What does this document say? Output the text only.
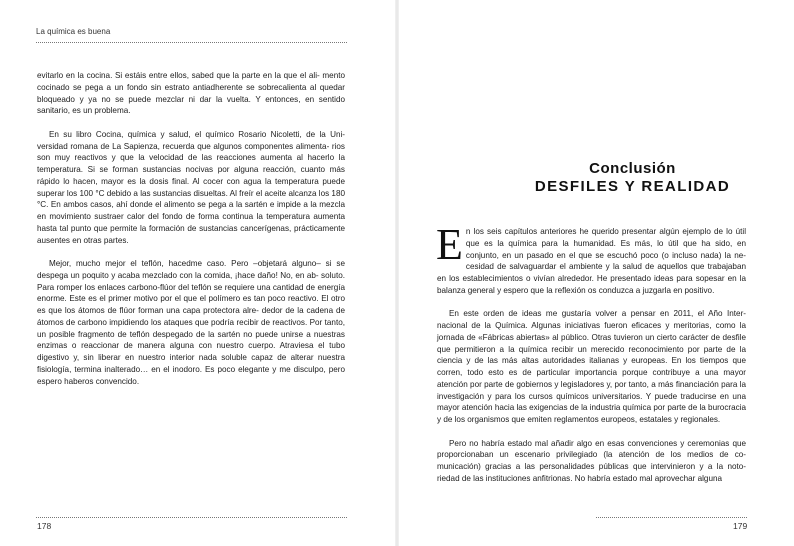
La química es buena

evitarlo en la cocina. Si estáis entre ellos, sabed que la parte en la que el ali- mento cocinado se pega a un fondo sin estrato antiadherente se sobrecalienta al quedar bloqueado y ya no se puede mezclar ni dar la vuelta. Y entonces, en sentido sanitario, es un problema.

En su libro Cocina, química y salud, el químico Rosario Nicoletti, de la Uni- versidad romana de La Sapienza, recuerda que algunos componentes alimenta- rios son muy reactivos y que la velocidad de las reacciones aumenta al hacerlo la temperatura. Si se forman sustancias nocivas por alguna reacción, cuanto más rápido lo hacen, mayor es la dosis final. Al cocer con agua la temperatura puede superar los 100 °C debido a las sustancias disueltas. Al freír el aceite alcanza los 180 °C. En ambos casos, ahí donde el alimento se pega a la sartén e impide a la mezcla en movimiento sustraer calor del fondo de forma continua la temperatura aumenta hasta tal punto que permite la formación de sustancias cancerígenas, prácticamente ausentes en otras partes.

Mejor, mucho mejor el teflón, hacedme caso. Pero –objetará alguno– si se despega un poquito y acaba mezclado con la comida, ¡hace daño! No, en ab- soluto. Para romper los enlaces carbono-flúor del teflón se requiere una cantidad de energía enorme. Este es el primer motivo por el que el polímero es tan poco reactivo. El otro es que los átomos de flúor forman una capa protectora alre- dedor de la cadena de átomos de carbono impidiendo los ataques que podría recibir de reactivos. Por tanto, un posible fragmento de teflón despegado de la sartén no puede unirse a nuestras enzimas o reaccionar de manera alguna con nuestro cuerpo. Atraviesa el tubo digestivo y, sin liberar en nuestro interior nada soluble capaz de alterar nuestra fisiología, termina inalterado… en el inodoro. Es poco elegante y me disculpo, pero espero haberos convencido.

178
Conclusión
DESFILES Y REALIDAD

En los seis capítulos anteriores he querido presentar algún ejemplo de lo útil que es la química para la humanidad. Es más, lo útil que ha sido, en conjunto, en un pasado en el que se escuchó poco (o incluso nada) la ne- cesidad de salvaguardar el ambiente y la salud de aquellos que trabajaban en los establecimientos o vivían alrededor. He presentado ideas para sopesar en la balanza general y espero que la reflexión os conduzca a juzgarla en positivo.

En este orden de ideas me gustaría volver a pensar en 2011, el Año Inter- nacional de la Química. Algunas iniciativas fueron eficaces y meritorias, como la jornada de «Fábricas abiertas» al público. Otras tuvieron un cierto carácter de desfile que permitieron a la química recibir un merecido reconocimiento por parte de la ciencia y de las más altas autoridades italianas y europeas. En los tiempos que corren, todo esto es de particular importancia porque contribuye a una mayor atención por parte de gobiernos y legisladores y, por tanto, a más financiación para la investigación y para los cursos químicos universitarios. Y puede traducirse en una mayor atención hacia las exigencias de la industria química por parte de la burocracia y de los organismos que emiten reglamentos europeos, estatales y regionales.

Pero no habría estado mal añadir algo en esas convenciones y ceremonias que proporcionaban un escenario privilegiado (la atención de los medios de co- municación) gracias a las personalidades públicas que intervinieron y a la noto- riedad de las instituciones anfitrionas. No habría estado mal aprovechar alguna

179
